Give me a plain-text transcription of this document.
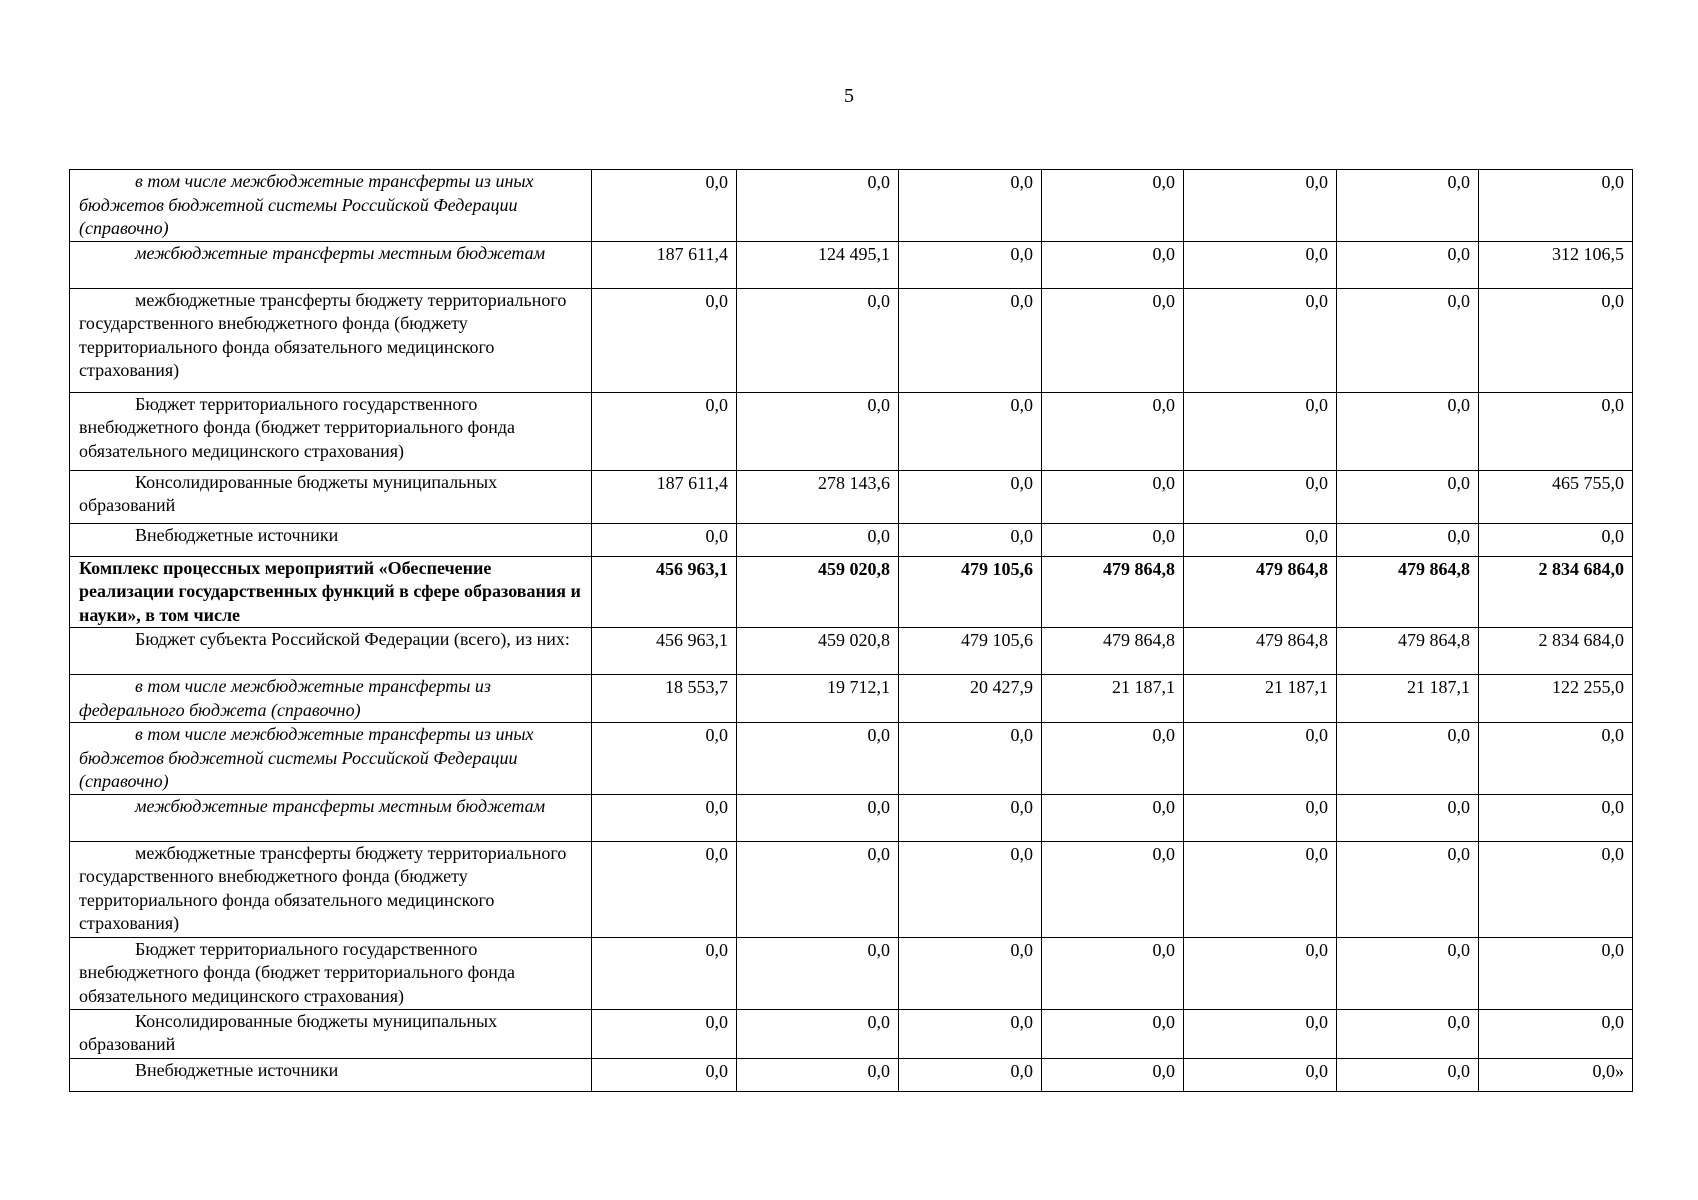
5
в том числе межбюджетные трансферты из иных бюджетов бюджетной системы Российской Федерации (справочно)	0,0	0,0	0,0	0,0	0,0	0,0	0,0

межбюджетные трансферты местным бюджетам	187 611,4	124 495,1	0,0	0,0	0,0	0,0	312 106,5

межбюджетные трансферты бюджету территориального государственного внебюджетного фонда (бюджету территориального фонда обязательного медицинского страхования)	0,0	0,0	0,0	0,0	0,0	0,0	0,0

Бюджет территориального государственного внебюджетного фонда (бюджет территориального фонда обязательного медицинского страхования)	0,0	0,0	0,0	0,0	0,0	0,0	0,0

Консолидированные бюджеты муниципальных образований	187 611,4	278 143,6	0,0	0,0	0,0	0,0	465 755,0

Внебюджетные источники	0,0	0,0	0,0	0,0	0,0	0,0	0,0

Комплекс процессных мероприятий «Обеспечение реализации государственных функций в сфере образования и науки», в том числе	456 963,1	459 020,8	479 105,6	479 864,8	479 864,8	479 864,8	2 834 684,0

Бюджет субъекта Российской Федерации (всего), из них:	456 963,1	459 020,8	479 105,6	479 864,8	479 864,8	479 864,8	2 834 684,0

в том числе межбюджетные трансферты из федерального бюджета (справочно)	18 553,7	19 712,1	20 427,9	21 187,1	21 187,1	21 187,1	122 255,0

в том числе межбюджетные трансферты из иных бюджетов бюджетной системы Российской Федерации (справочно)	0,0	0,0	0,0	0,0	0,0	0,0	0,0

межбюджетные трансферты местным бюджетам	0,0	0,0	0,0	0,0	0,0	0,0	0,0

межбюджетные трансферты бюджету территориального государственного внебюджетного фонда (бюджету территориального фонда обязательного медицинского страхования)	0,0	0,0	0,0	0,0	0,0	0,0	0,0

Бюджет территориального государственного внебюджетного фонда (бюджет территориального фонда обязательного медицинского страхования)	0,0	0,0	0,0	0,0	0,0	0,0	0,0

Консолидированные бюджеты муниципальных образований	0,0	0,0	0,0	0,0	0,0	0,0	0,0

Внебюджетные источники	0,0	0,0	0,0	0,0	0,0	0,0	0,0»
